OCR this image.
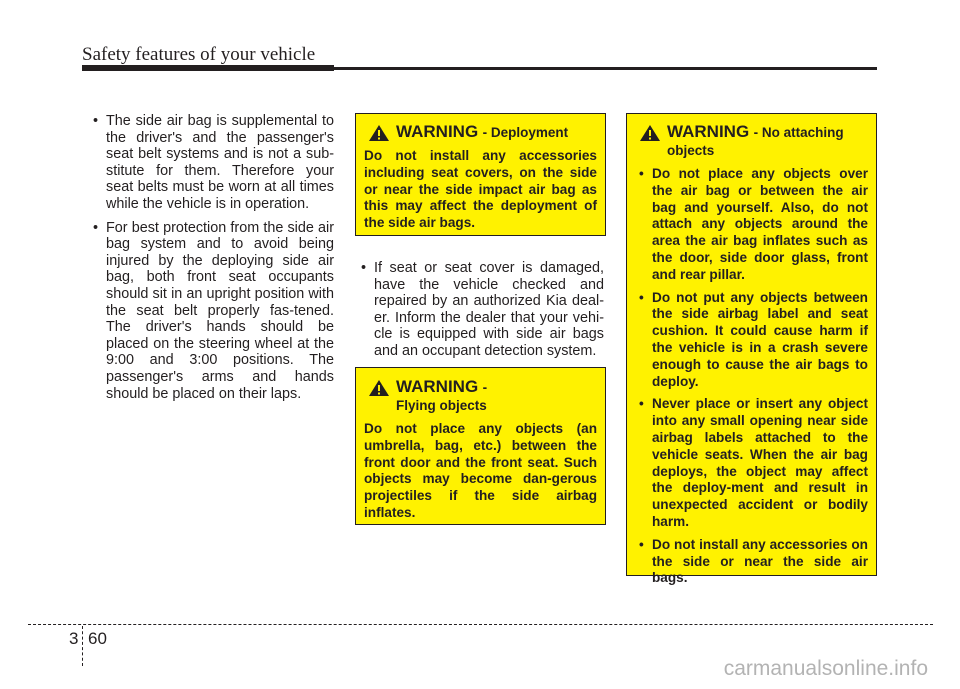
Safety features of your vehicle
• The side air bag is supplemental to the driver's and the passenger's seat belt systems and is not a sub-stitute for them. Therefore your seat belts must be worn at all times while the vehicle is in operation.
• For best protection from the side air bag system and to avoid being injured by the deploying side air bag, both front seat occupants should sit in an upright position with the seat belt properly fas-tened. The driver's hands should be placed on the steering wheel at the 9:00 and 3:00 positions. The passenger's arms and hands should be placed on their laps.
WARNING - Deployment
Do not install any accessories including seat covers, on the side or near the side impact air bag as this may affect the deployment of the side air bags.
• If seat or seat cover is damaged, have the vehicle checked and repaired by an authorized Kia deal-er. Inform the dealer that your vehi-cle is equipped with side air bags and an occupant detection system.
WARNING - Flying objects
Do not place any objects (an umbrella, bag, etc.) between the front door and the front seat. Such objects may become dan-gerous projectiles if the side airbag inflates.
WARNING - No attaching objects
• Do not place any objects over the air bag or between the air bag and yourself. Also, do not attach any objects around the area the air bag inflates such as the door, side door glass, front and rear pillar.
• Do not put any objects between the side airbag label and seat cushion. It could cause harm if the vehicle is in a crash severe enough to cause the air bags to deploy.
• Never place or insert any object into any small opening near side airbag labels attached to the vehicle seats. When the air bag deploys, the object may affect the deploy-ment and result in unexpected accident or bodily harm.
• Do not install any accessories on the side or near the side air bags.
3 60
carmanualsonline.info
